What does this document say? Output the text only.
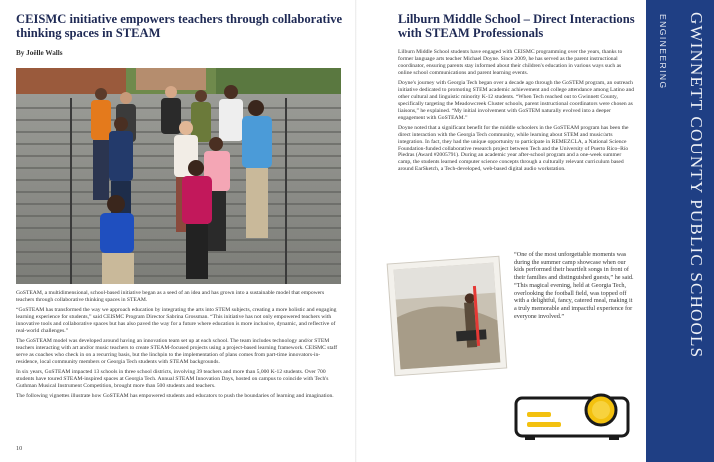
CEISMC initiative empowers teachers through collaborative
thinking spaces in STEAM
By Joëlle Walls

GoSTEAM, a multidimensional, school-based initiative began as a seed of an idea and has grown into a sustainable model that empowers teachers through collaborative thinking spaces in STEAM.

“GoSTEAM has transformed the way we approach education by integrating the arts into STEM subjects, creating a more holistic and engaging learning experience for students,” said CEISMC Program Director Sabrina Grossman. “This initiative has not only empowered teachers with innovative tools and collaborative spaces but has also paved the way for a future where education is more inclusive, dynamic, and reflective of real-world challenges.”

The GoSTEAM model was developed around having an innovation team set up at each school. The team includes technology and/or STEM teachers interacting with art and/or music teachers to create STEAM-focused projects using a project-based learning framework. CEISMC staff serve as coaches who check in on a recurring basis, but the linchpin to the implementation of plans comes from part-time innovators-in-residence, local community members or Georgia Tech students with STEAM backgrounds.

In six years, GoSTEAM impacted 13 schools in three school districts, involving 39 teachers and more than 5,000 K-12 students. Over 700 students have toured STEAM-inspired spaces at Georgia Tech. Annual STEAM Innovation Days, hosted on campus to coincide with Tech's Guthman Musical Instrument Competition, brought more than 500 students and teachers.

The following vignettes illustrate how GoSTEAM has empowered students and educators to push the boundaries of learning and imagination.

10
Lilburn Middle School – Direct Interactions
with STEAM Professionals

Lilburn Middle School students have engaged with CEISMC programming over the years, thanks to former language arts teacher Michael Doyne. Since 2009, he has served as the parent instructional coordinator, ensuring parents stay informed about their children's education in various ways such as online school communications and parent learning events.

Doyne's journey with Georgia Tech began over a decade ago through the GoSTEM program, an outreach initiative dedicated to promoting STEM academic achievement and college attendance among Latino and other cultural and linguistic minority K-12 students. “When Tech reached out to Gwinnett County, specifically targeting the Meadowcreek Cluster schools, parent instructional coordinators were chosen as liaisons,” he explained. “My initial involvement with GoSTEM naturally evolved into a deeper engagement with GoSTEAM.”

Doyne noted that a significant benefit for the middle schoolers in the GoSTEAM program has been the direct interaction with the Georgia Tech community, while learning about STEM and music/arts integration. In fact, they had the unique opportunity to participate in REMEZCLA, a National Science Foundation-funded collaborative research project between Tech and the University of Puerto Rico–Río Piedras (Award #2005791). During an academic year after-school program and a one-week summer camp, the students learned computer science concepts through a culturally relevant curriculum based around EarSketch, a Tech-developed, web-based digital audio workstation.

“One of the most unforgettable moments was during the summer camp showcase when our kids performed their heartfelt songs in front of their families and distinguished guests,” he said. “This magical evening, held at Georgia Tech, overlooking the football field, was topped off with a delightful, fancy, catered meal, making it a truly memorable and impactful experience for everyone involved.”	GWINNETT COUNTY PUBLIC SCHOOLS
ENGINEERING
